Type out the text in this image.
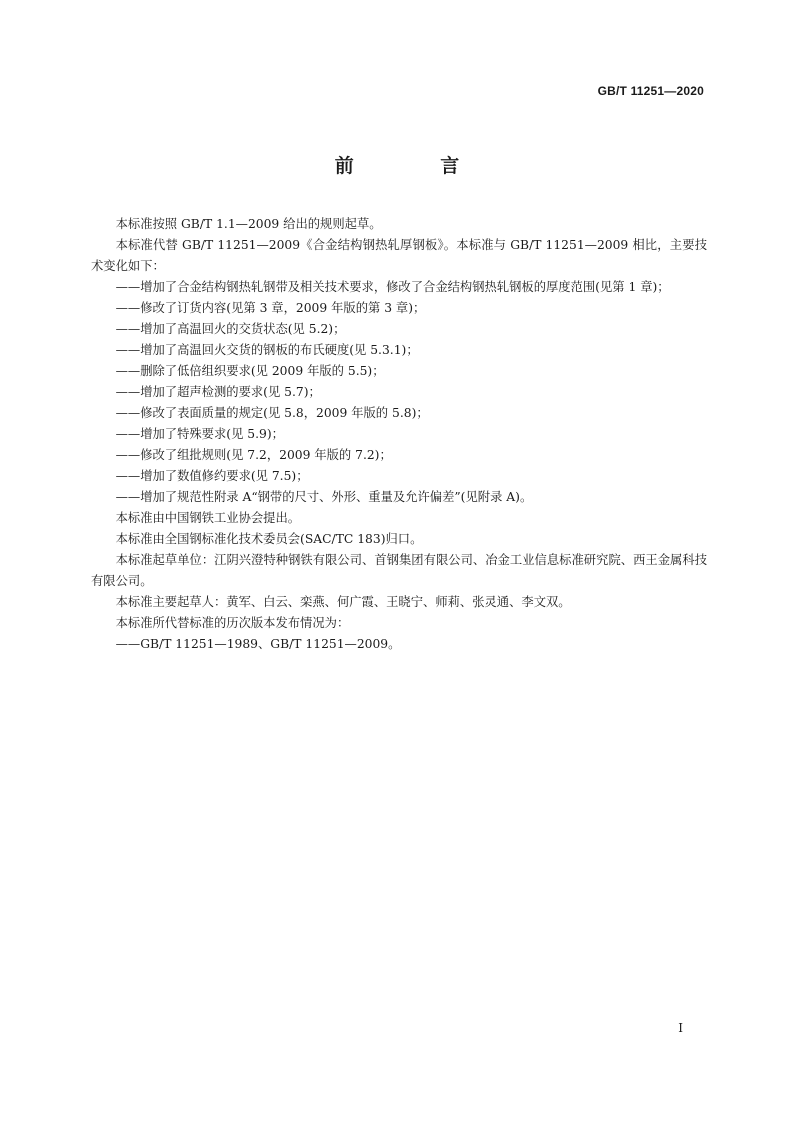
GB/T 11251—2020
前 言

本标准按照 GB/T 1.1—2009 给出的规则起草。

本标准代替 GB/T 11251—2009《合金结构钢热轧厚钢板》。本标准与 GB/T 11251—2009 相比，主要技术变化如下：

——增加了合金结构钢热轧钢带及相关技术要求，修改了合金结构钢热轧钢板的厚度范围(见第 1 章)；

——修改了订货内容(见第 3 章，2009 年版的第 3 章)；

——增加了高温回火的交货状态(见 5.2)；

——增加了高温回火交货的钢板的布氏硬度(见 5.3.1)；

——删除了低倍组织要求(见 2009 年版的 5.5)；

——增加了超声检测的要求(见 5.7)；

——修改了表面质量的规定(见 5.8，2009 年版的 5.8)；

——增加了特殊要求(见 5.9)；

——修改了组批规则(见 7.2，2009 年版的 7.2)；

——增加了数值修约要求(见 7.5)；

——增加了规范性附录 A“钢带的尺寸、外形、重量及允许偏差”(见附录 A)。

本标准由中国钢铁工业协会提出。

本标准由全国钢标准化技术委员会(SAC/TC 183)归口。

本标准起草单位：江阴兴澄特种钢铁有限公司、首钢集团有限公司、冶金工业信息标准研究院、西王金属科技有限公司。

本标准主要起草人：黄军、白云、栾燕、何广霞、王晓宁、师莉、张灵通、李文双。

本标准所代替标准的历次版本发布情况为：

——GB/T 11251—1989、GB/T 11251—2009。

I
